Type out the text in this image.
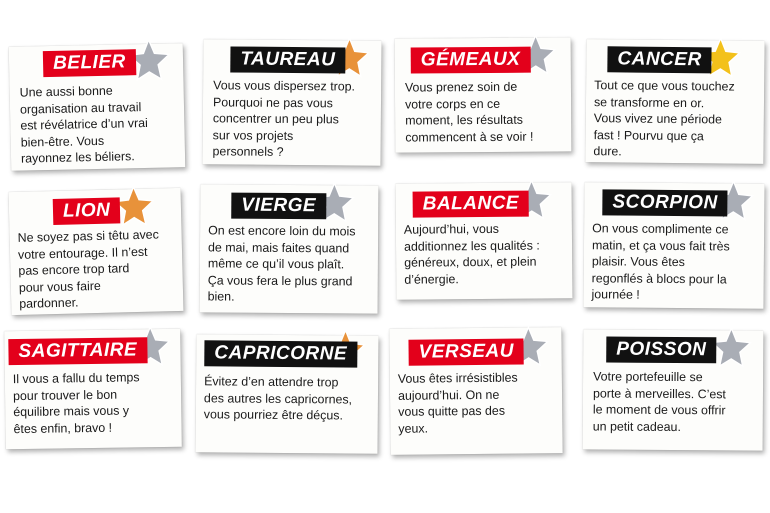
BELIER
Une aussi bonne
organisation au travail
est révélatrice d’un vrai
bien-être. Vous
rayonnez les béliers.
TAUREAU
Vous vous dispersez trop.
Pourquoi ne pas vous
concentrer un peu plus
sur vos projets
personnels ?
GÉMEAUX
Vous prenez soin de
votre corps en ce
moment, les résultats
commencent à se voir !
CANCER
Tout ce que vous touchez
se transforme en or.
Vous vivez une période
fast ! Pourvu que ça
dure.
LION
Ne soyez pas si têtu avec
votre entourage. Il n’est
pas encore trop tard
pour vous faire
pardonner.
VIERGE
On est encore loin du mois
de mai, mais faites quand
même ce qu’il vous plaît.
Ça vous fera le plus grand
bien.
BALANCE
Aujourd’hui, vous
additionnez les qualités :
généreux, doux, et plein
d’énergie.
SCORPION
On vous complimente ce
matin, et ça vous fait très
plaisir. Vous êtes
regonflés à blocs pour la
journée !
SAGITTAIRE
Il vous a fallu du temps
pour trouver le bon
équilibre mais vous y
êtes enfin, bravo !
CAPRICORNE
Évitez d’en attendre trop
des autres les capricornes,
vous pourriez être déçus.
VERSEAU
Vous êtes irrésistibles
aujourd’hui. On ne
vous quitte pas des
yeux.
POISSON
Votre portefeuille se
porte à merveilles. C’est
le moment de vous offrir
un petit cadeau.
